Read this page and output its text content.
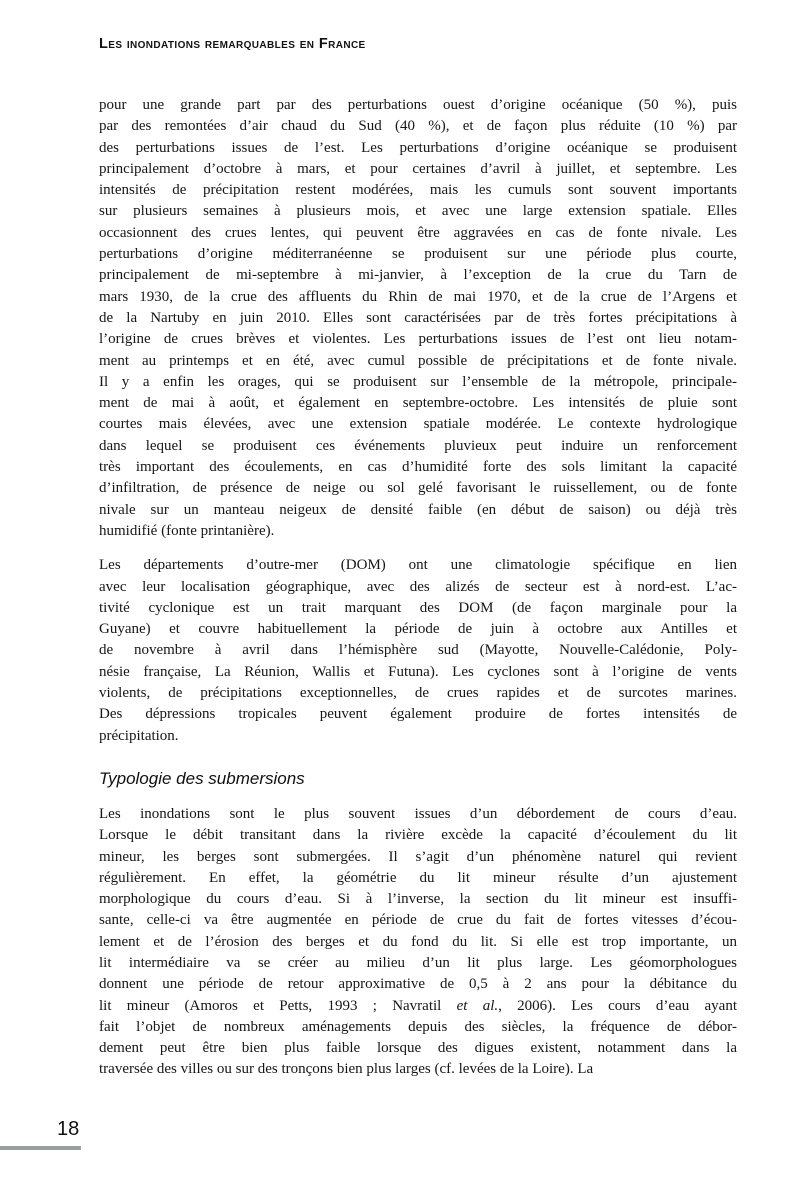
Les inondations remarquables en France
pour une grande part par des perturbations ouest d’origine océanique (50 %), puis
par des remontées d’air chaud du Sud (40 %), et de façon plus réduite (10 %) par
des perturbations issues de l’est. Les perturbations d’origine océanique se produisent
principalement d’octobre à mars, et pour certaines d’avril à juillet, et septembre. Les
intensités de précipitation restent modérées, mais les cumuls sont souvent importants
sur plusieurs semaines à plusieurs mois, et avec une large extension spatiale. Elles
occasionnent des crues lentes, qui peuvent être aggravées en cas de fonte nivale. Les
perturbations d’origine méditerranéenne se produisent sur une période plus courte,
principalement de mi-septembre à mi-janvier, à l’exception de la crue du Tarn de
mars 1930, de la crue des affluents du Rhin de mai 1970, et de la crue de l’Argens et
de la Nartuby en juin 2010. Elles sont caractérisées par de très fortes précipitations à
l’origine de crues brèves et violentes. Les perturbations issues de l’est ont lieu notam-
ment au printemps et en été, avec cumul possible de précipitations et de fonte nivale.
Il y a enfin les orages, qui se produisent sur l’ensemble de la métropole, principale-
ment de mai à août, et également en septembre-octobre. Les intensités de pluie sont
courtes mais élevées, avec une extension spatiale modérée. Le contexte hydrologique
dans lequel se produisent ces événements pluvieux peut induire un renforcement
très important des écoulements, en cas d’humidité forte des sols limitant la capacité
d’infiltration, de présence de neige ou sol gelé favorisant le ruissellement, ou de fonte
nivale sur un manteau neigeux de densité faible (en début de saison) ou déjà très
humidifié (fonte printanière).
Les départements d’outre-mer (DOM) ont une climatologie spécifique en lien
avec leur localisation géographique, avec des alizés de secteur est à nord-est. L’ac-
tivité cyclonique est un trait marquant des DOM (de façon marginale pour la
Guyane) et couvre habituellement la période de juin à octobre aux Antilles et
de novembre à avril dans l’hémisphère sud (Mayotte, Nouvelle-Calédonie, Poly-
nésie française, La Réunion, Wallis et Futuna). Les cyclones sont à l’origine de vents
violents, de précipitations exceptionnelles, de crues rapides et de surcotes marines.
Des dépressions tropicales peuvent également produire de fortes intensités de
précipitation.
Typologie des submersions
Les inondations sont le plus souvent issues d’un débordement de cours d’eau.
Lorsque le débit transitant dans la rivière excède la capacité d’écoulement du lit
mineur, les berges sont submergées. Il s’agit d’un phénomène naturel qui revient
régulièrement. En effet, la géométrie du lit mineur résulte d’un ajustement
morphologique du cours d’eau. Si à l’inverse, la section du lit mineur est insuffi-
sante, celle-ci va être augmentée en période de crue du fait de fortes vitesses d’écou-
lement et de l’érosion des berges et du fond du lit. Si elle est trop importante, un
lit intermédiaire va se créer au milieu d’un lit plus large. Les géomorphologues
donnent une période de retour approximative de 0,5 à 2 ans pour la débitance du
lit mineur (Amoros et Petts, 1993 ; Navratil et al., 2006). Les cours d’eau ayant
fait l’objet de nombreux aménagements depuis des siècles, la fréquence de débor-
dement peut être bien plus faible lorsque des digues existent, notamment dans la
traversée des villes ou sur des tronçons bien plus larges (cf. levées de la Loire). La
18
